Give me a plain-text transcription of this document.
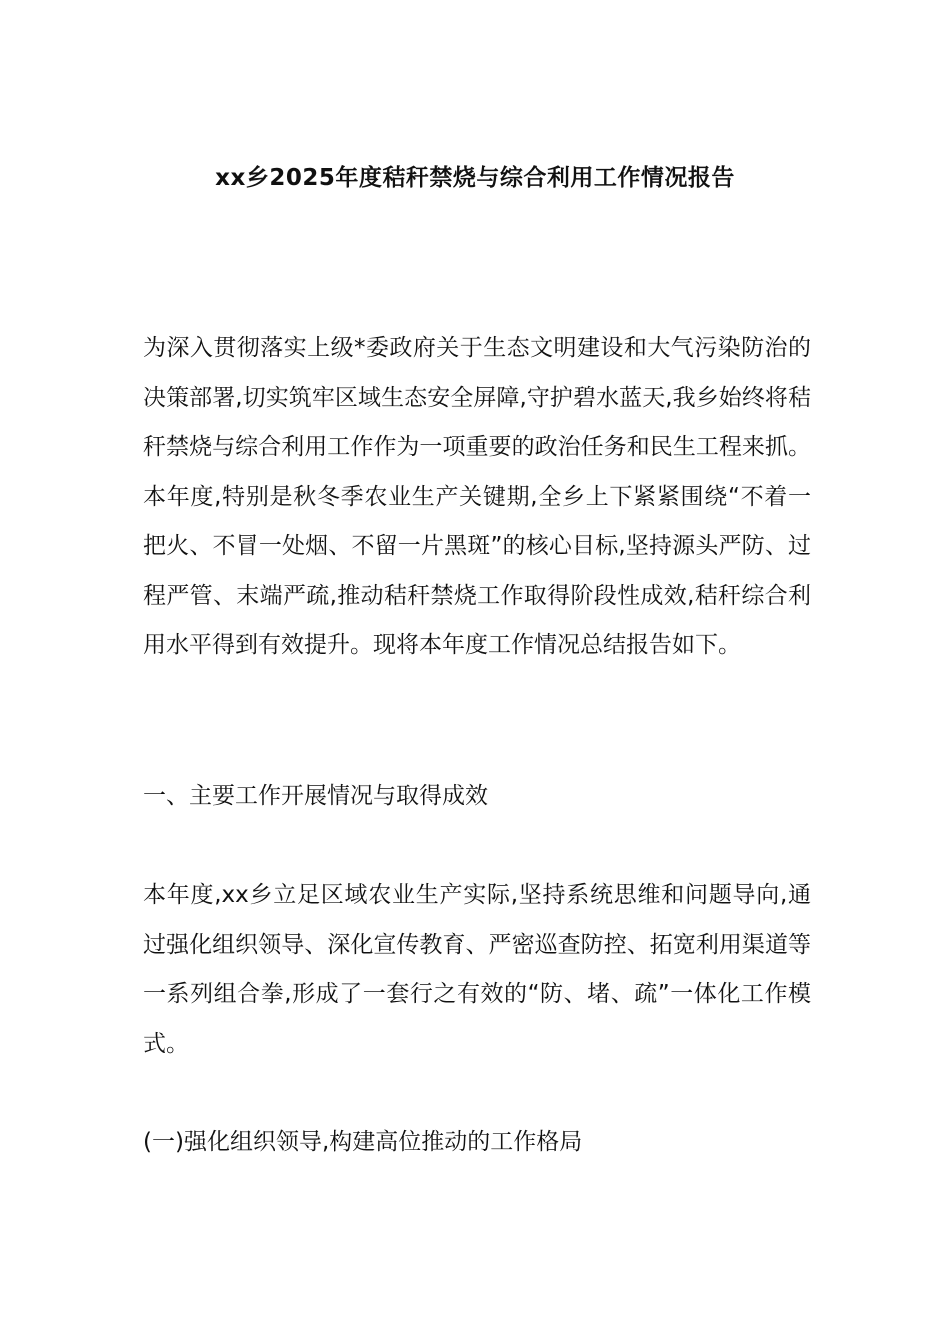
xx乡2025年度秸秆禁烧与综合利用工作情况报告

为深入贯彻落实上级*委政府关于生态文明建设和大气污染防治的决策部署,切实筑牢区域生态安全屏障,守护碧水蓝天,我乡始终将秸秆禁烧与综合利用工作作为一项重要的政治任务和民生工程来抓。本年度,特别是秋冬季农业生产关键期,全乡上下紧紧围绕“不着一把火、不冒一处烟、不留一片黑斑”的核心目标,坚持源头严防、过程严管、末端严疏,推动秸秆禁烧工作取得阶段性成效,秸秆综合利用水平得到有效提升。现将本年度工作情况总结报告如下。

一、主要工作开展情况与取得成效

本年度,xx乡立足区域农业生产实际,坚持系统思维和问题导向,通过强化组织领导、深化宣传教育、严密巡查防控、拓宽利用渠道等一系列组合拳,形成了一套行之有效的“防、堵、疏”一体化工作模式。

(一)强化组织领导,构建高位推动的工作格局
